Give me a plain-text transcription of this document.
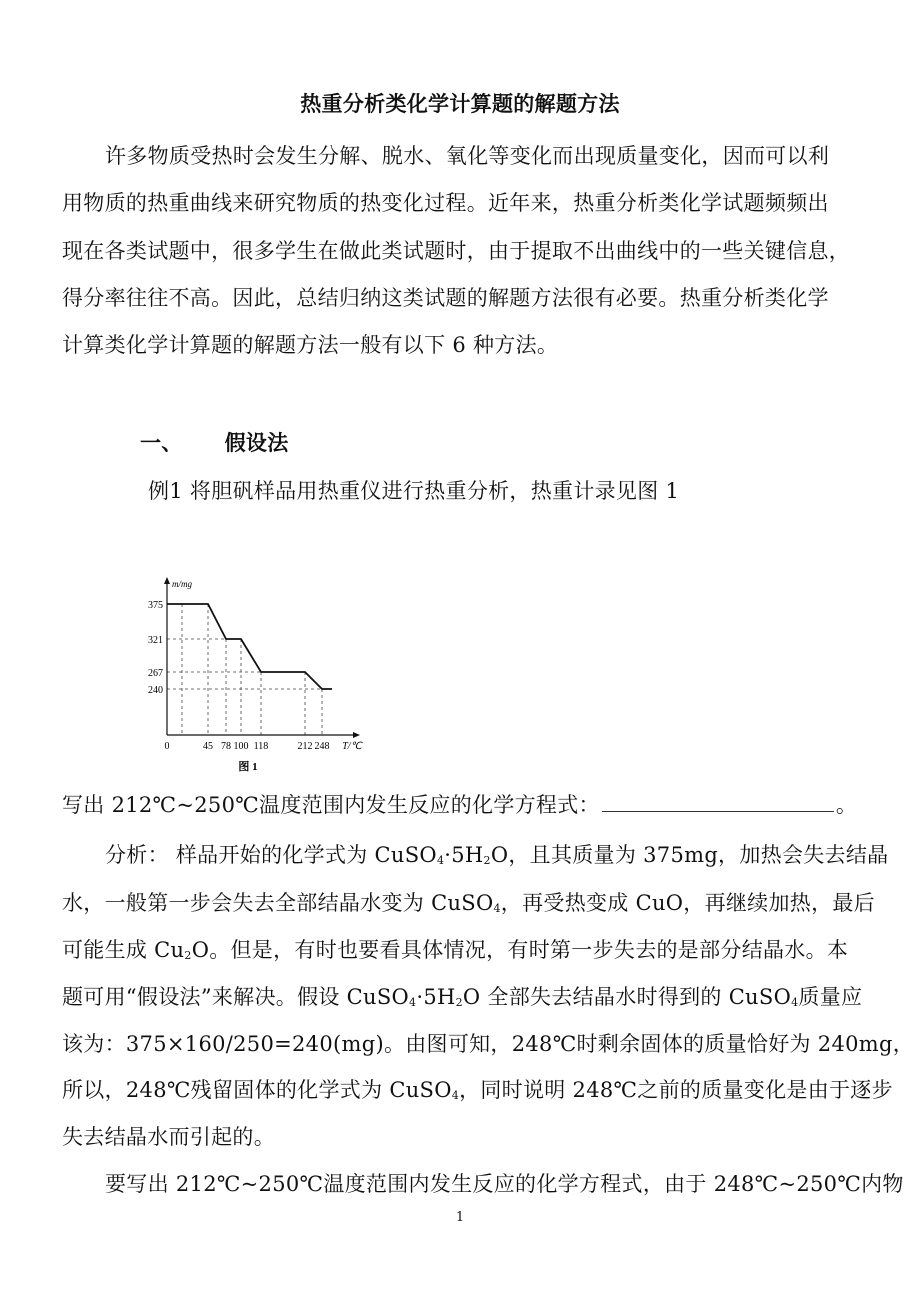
热重分析类化学计算题的解题方法
许多物质受热时会发生分解、脱水、氧化等变化而出现质量变化，因而可以利
用物质的热重曲线来研究物质的热变化过程。近年来，热重分析类化学试题频频出
现在各类试题中，很多学生在做此类试题时，由于提取不出曲线中的一些关键信息，
得分率往往不高。因此，总结归纳这类试题的解题方法很有必要。热重分析类化学
计算类化学计算题的解题方法一般有以下 6 种方法。
一、 假设法
例1 将胆矾样品用热重仪进行热重分析，热重计录见图 1
375
321
267
240
m/mg
0	45 78 100 118	212 248 T/℃
图 1
写出 212℃~250℃温度范围内发生反应的化学方程式：	。
分析： 样品开始的化学式为 $CuSO_4\cdot 5H_2O$，且其质量为 375mg，加热会失去结晶
水，一般第一步会失去全部结晶水变为 CuSO$_4$，再受热变成 CuO，再继续加热，最后
可能生成 $Cu_2O$。但是，有时也要看具体情况，有时第一步失去的是部分结晶水。本
题可用“假设法”来解决。假设 $CuSO_4\cdot 5H_2O$ 全部失去结晶水时得到的 CuSO$_4$质量应
该为：375×160/250=240(mg)。由图可知，248℃时剩余固体的质量恰好为 240mg，
所以，248℃残留固体的化学式为 CuSO$_4$，同时说明 248℃之前的质量变化是由于逐步
失去结晶水而引起的。
要写出 212℃~250℃温度范围内发生反应的化学方程式，由于 248℃~250℃内物
1
